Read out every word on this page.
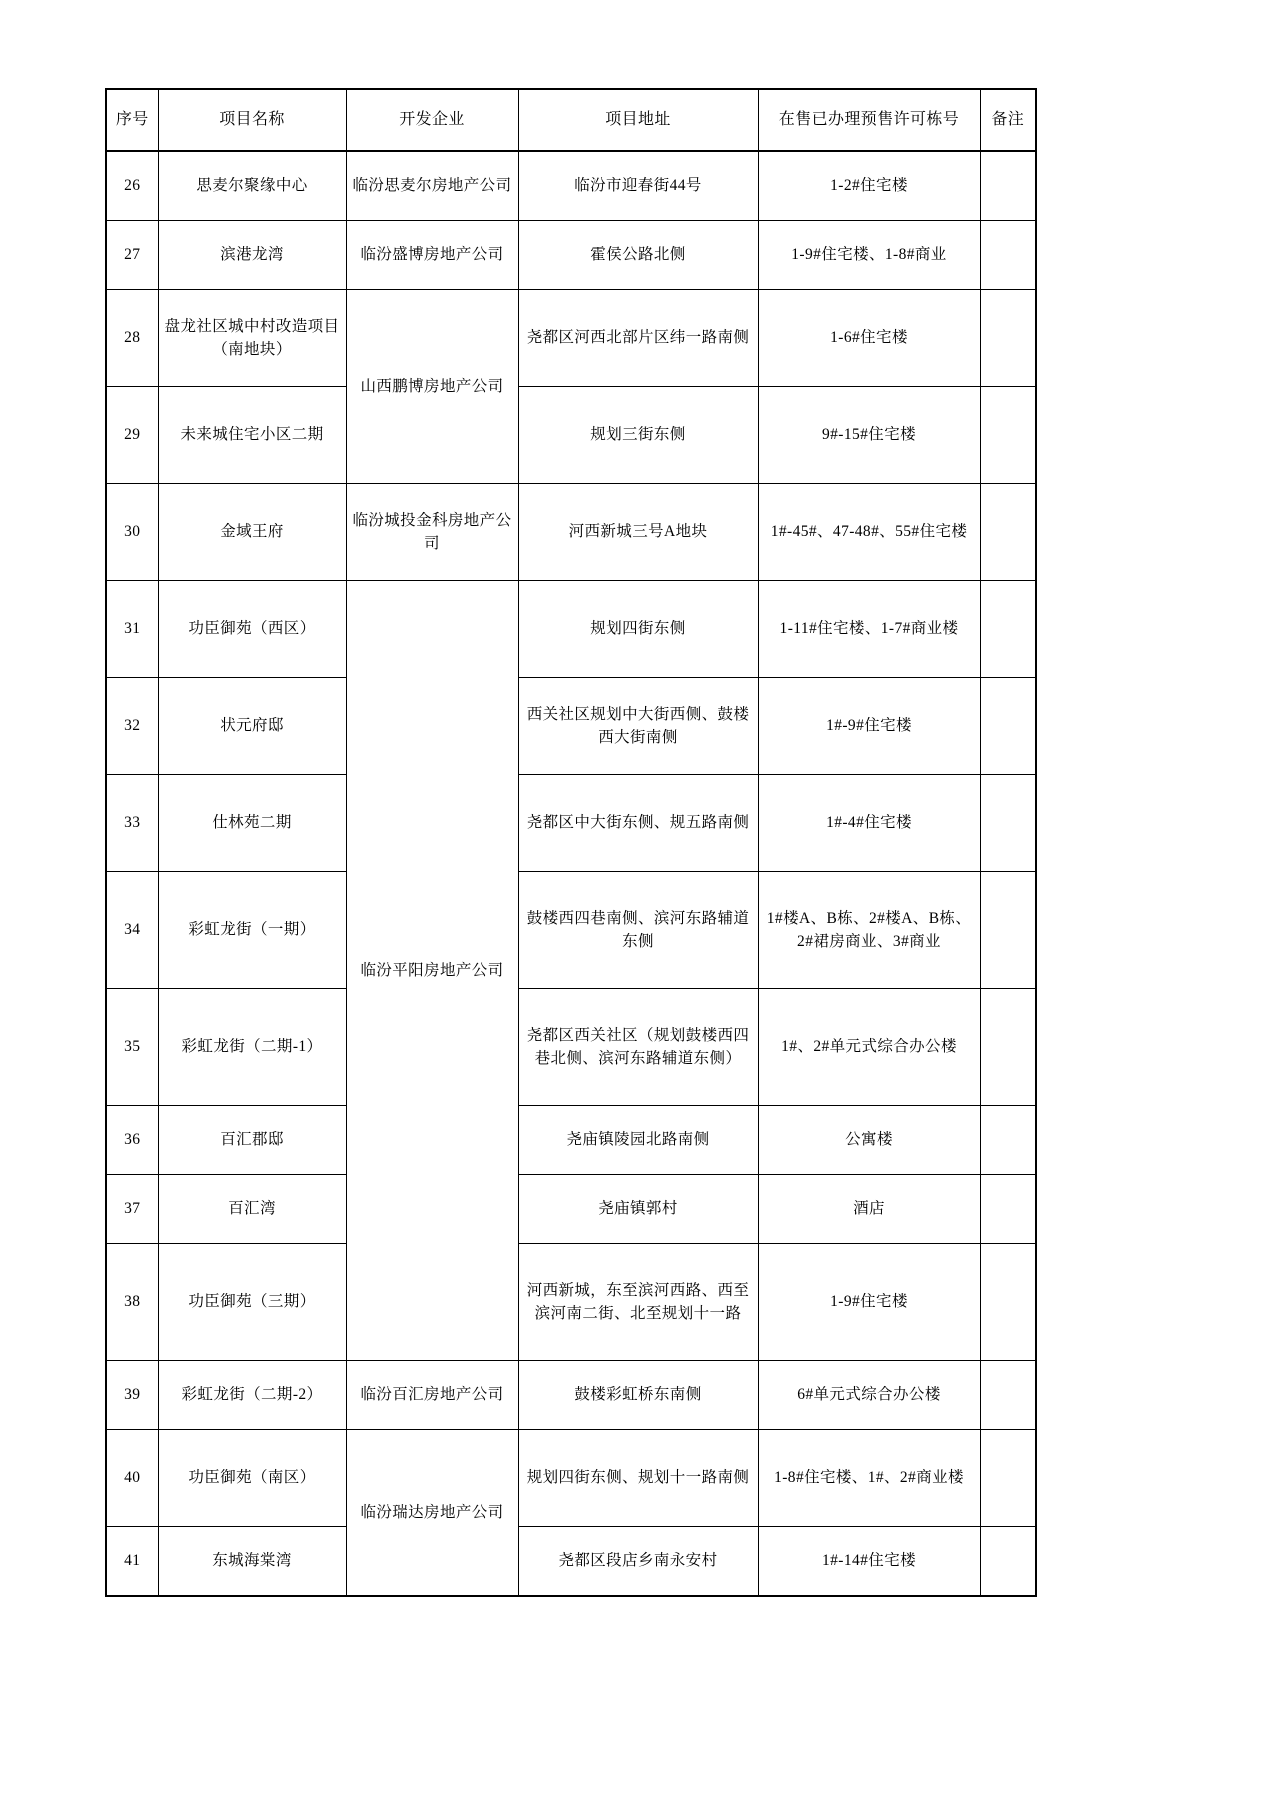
序号	项目名称	开发企业	项目地址	在售已办理预售许可栋号	备注
26	思麦尔聚缘中心	临汾思麦尔房地产公司	临汾市迎春街44号	1-2#住宅楼	
27	滨港龙湾	临汾盛博房地产公司	霍侯公路北侧	1-9#住宅楼、1-8#商业	
28	盘龙社区城中村改造项目（南地块）	山西鹏博房地产公司	尧都区河西北部片区纬一路南侧	1-6#住宅楼	
29	未来城住宅小区二期		规划三街东侧	9#-15#住宅楼	
30	金域王府	临汾城投金科房地产公司	河西新城三号A地块	1#-45#、47-48#、55#住宅楼	
31	功臣御苑（西区）	临汾平阳房地产公司	规划四街东侧	1-11#住宅楼、1-7#商业楼	
32	状元府邸		西关社区规划中大街西侧、鼓楼西大街南侧	1#-9#住宅楼	
33	仕林苑二期		尧都区中大街东侧、规五路南侧	1#-4#住宅楼	
34	彩虹龙街（一期）		鼓楼西四巷南侧、滨河东路辅道东侧	1#楼A、B栋、2#楼A、B栋、2#裙房商业、3#商业	
35	彩虹龙街（二期-1）		尧都区西关社区（规划鼓楼西四巷北侧、滨河东路辅道东侧）	1#、2#单元式综合办公楼	
36	百汇郡邸		尧庙镇陵园北路南侧	公寓楼	
37	百汇湾		尧庙镇郭村	酒店	
38	功臣御苑（三期）		河西新城，东至滨河西路、西至滨河南二街、北至规划十一路	1-9#住宅楼	
39	彩虹龙街（二期-2）	临汾百汇房地产公司	鼓楼彩虹桥东南侧	6#单元式综合办公楼	
40	功臣御苑（南区）	临汾瑞达房地产公司	规划四街东侧、规划十一路南侧	1-8#住宅楼、1#、2#商业楼	
41	东城海棠湾		尧都区段店乡南永安村	1#-14#住宅楼	
